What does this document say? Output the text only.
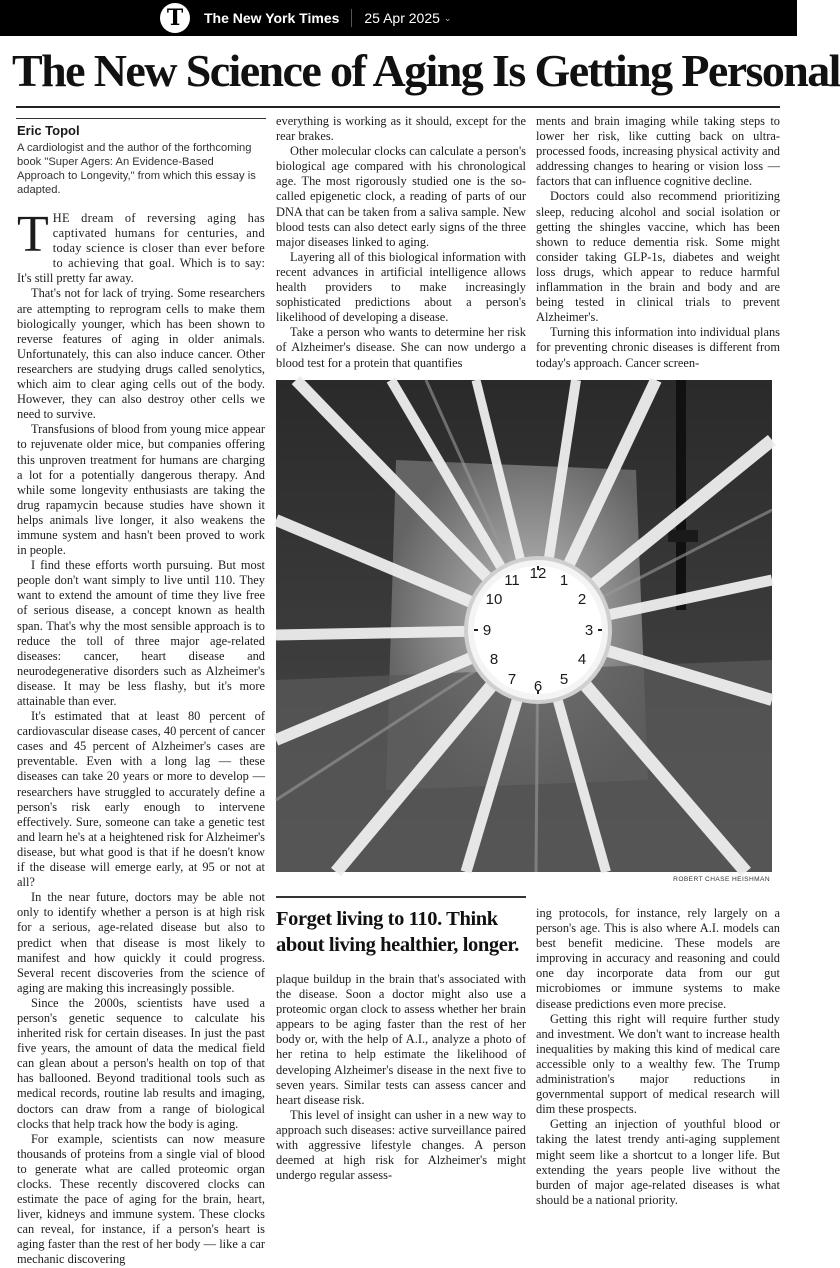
T	The New York Times 25 Apr 2025 ⌄
The New Science of Aging Is Getting Personal
Eric Topol
A cardiologist and the author of the forthcoming book "Super Agers: An Evidence-Based Approach to Longevity," from which this essay is adapted.

THE dream of reversing aging has captivated humans for centuries, and today science is closer than ever before to achieving that goal. Which is to say: It's still pretty far away.

That's not for lack of trying. Some researchers are attempting to reprogram cells to make them biologically younger, which has been shown to reverse features of aging in older animals. Unfortunately, this can also induce cancer. Other researchers are studying drugs called senolytics, which aim to clear aging cells out of the body. However, they can also destroy other cells we need to survive.

Transfusions of blood from young mice appear to rejuvenate older mice, but companies offering this unproven treatment for humans are charging a lot for a potentially dangerous therapy. And while some longevity enthusiasts are taking the drug rapamycin because studies have shown it helps animals live longer, it also weakens the immune system and hasn't been proved to work in people.

I find these efforts worth pursuing. But most people don't want simply to live until 110. They want to extend the amount of time they live free of serious disease, a concept known as health span. That's why the most sensible approach is to reduce the toll of three major age-related diseases: cancer, heart disease and neurodegenerative disorders such as Alzheimer's disease. It may be less flashy, but it's more attainable than ever.

It's estimated that at least 80 percent of cardiovascular disease cases, 40 percent of cancer cases and 45 percent of Alzheimer's cases are preventable. Even with a long lag — these diseases can take 20 years or more to develop — researchers have struggled to accurately define a person's risk early enough to intervene effectively. Sure, someone can take a genetic test and learn he's at a heightened risk for Alzheimer's disease, but what good is that if he doesn't know if the disease will emerge early, at 95 or not at all?

In the near future, doctors may be able not only to identify whether a person is at high risk for a serious, age-related disease but also to predict when that disease is most likely to manifest and how quickly it could progress. Several recent discoveries from the science of aging are making this increasingly possible.

Since the 2000s, scientists have used a person's genetic sequence to calculate his inherited risk for certain diseases. In just the past five years, the amount of data the medical field can glean about a person's health on top of that has ballooned. Beyond traditional tools such as medical records, routine lab results and imaging, doctors can draw from a range of biological clocks that help track how the body is aging.

For example, scientists can now measure thousands of proteins from a single vial of blood to generate what are called proteomic organ clocks. These recently discovered clocks can estimate the pace of aging for the brain, heart, liver, kidneys and immune system. These clocks can reveal, for instance, if a person's heart is aging faster than the rest of her body — like a car mechanic discovering

everything is working as it should, except for the rear brakes.

Other molecular clocks can calculate a person's biological age compared with his chronological age. The most rigorously studied one is the so-called epigenetic clock, a reading of parts of our DNA that can be taken from a saliva sample. New blood tests can also detect early signs of the three major diseases linked to aging.

Layering all of this biological information with recent advances in artificial intelligence allows health providers to make increasingly sophisticated predictions about a person's likelihood of developing a disease.

Take a person who wants to determine her risk of Alzheimer's disease. She can now undergo a blood test for a protein that quantifies

ments and brain imaging while taking steps to lower her risk, like cutting back on ultra-processed foods, increasing physical activity and addressing changes to hearing or vision loss — factors that can influence cognitive decline.

Doctors could also recommend prioritizing sleep, reducing alcohol and social isolation or getting the shingles vaccine, which has been shown to reduce dementia risk. Some might consider taking GLP-1s, diabetes and weight loss drugs, which appear to reduce harmful inflammation in the brain and body and are being tested in clinical trials to prevent Alzheimer's.

Turning this information into individual plans for preventing chronic diseases is different from today's approach. Cancer screen-

12 1
2
3
4
5
6
7
8
9
10
11
ROBERT CHASE HEISHMAN
Forget living to 110. Think about living healthier, longer.

plaque buildup in the brain that's associated with the disease. Soon a doctor might also use a proteomic organ clock to assess whether her brain appears to be aging faster than the rest of her body or, with the help of A.I., analyze a photo of her retina to help estimate the likelihood of developing Alzheimer's disease in the next five to seven years. Similar tests can assess cancer and heart disease risk.

This level of insight can usher in a new way to approach such diseases: active surveillance paired with aggressive lifestyle changes. A person deemed at high risk for Alzheimer's might undergo regular assess-

ing protocols, for instance, rely largely on a person's age. This is also where A.I. models can best benefit medicine. These models are improving in accuracy and reasoning and could one day incorporate data from our gut microbiomes or immune systems to make disease predictions even more precise.

Getting this right will require further study and investment. We don't want to increase health inequalities by making this kind of medical care accessible only to a wealthy few. The Trump administration's major reductions in governmental support of medical research will dim these prospects.

Getting an injection of youthful blood or taking the latest trendy anti-aging supplement might seem like a shortcut to a longer life. But extending the years people live without the burden of major age-related diseases is what should be a national priority.
